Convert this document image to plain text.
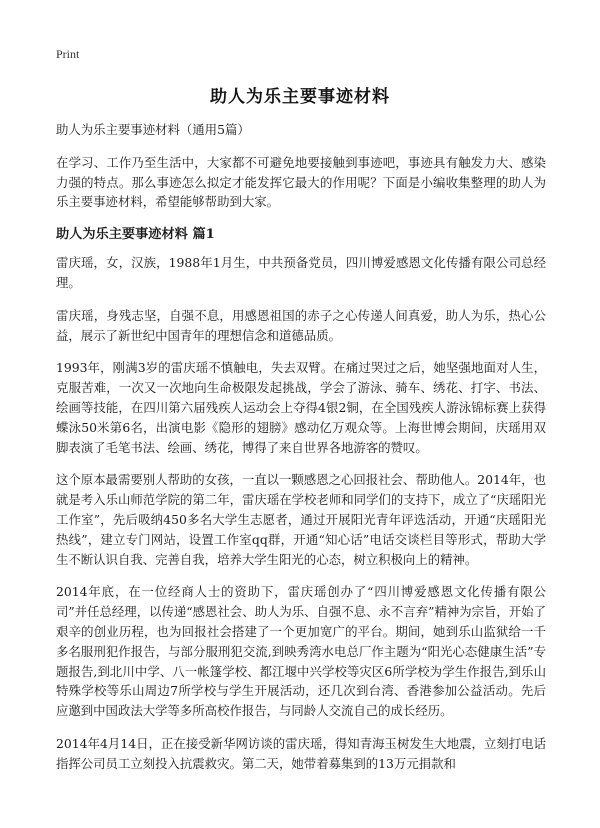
Print
助人为乐主要事迹材料

助人为乐主要事迹材料（通用5篇）

在学习、工作乃至生活中，大家都不可避免地要接触到事迹吧，事迹具有触发力大、感染力强的特点。那么事迹怎么拟定才能发挥它最大的作用呢？下面是小编收集整理的助人为乐主要事迹材料，希望能够帮助到大家。

助人为乐主要事迹材料 篇1

雷庆瑶，女，汉族，1988年1月生，中共预备党员，四川博爱感恩文化传播有限公司总经理。

雷庆瑶，身残志坚，自强不息，用感恩祖国的赤子之心传递人间真爱，助人为乐，热心公益，展示了新世纪中国青年的理想信念和道德品质。

1993年，刚满3岁的雷庆瑶不慎触电，失去双臂。在痛过哭过之后，她坚强地面对人生，克服苦难，一次又一次地向生命极限发起挑战，学会了游泳、骑车、绣花、打字、书法、绘画等技能，在四川第六届残疾人运动会上夺得4银2铜，在全国残疾人游泳锦标赛上获得蝶泳50米第6名，出演电影《隐形的翅膀》感动亿万观众等。上海世博会期间，庆瑶用双脚表演了毛笔书法、绘画、绣花，博得了来自世界各地游客的赞叹。

这个原本最需要别人帮助的女孩，一直以一颗感恩之心回报社会、帮助他人。2014年，也就是考入乐山师范学院的第二年，雷庆瑶在学校老师和同学们的支持下，成立了“庆瑶阳光工作室”，先后吸纳450多名大学生志愿者，通过开展阳光青年评选活动，开通“庆瑶阳光热线”，建立专门网站，设置工作室qq群，开通“知心话”电话交谈栏目等形式，帮助大学生不断认识自我、完善自我，培养大学生阳光的心态，树立积极向上的精神。

2014年底，在一位经商人士的资助下，雷庆瑶创办了“四川博爱感恩文化传播有限公司”并任总经理，以传递“感恩社会、助人为乐、自强不息、永不言弃”精神为宗旨，开始了艰辛的创业历程，也为回报社会搭建了一个更加宽广的平台。期间，她到乐山监狱给一千多名服刑犯作报告，与部分服刑犯交流,到映秀湾水电总厂作主题为“阳光心态健康生活”专题报告,到北川中学、八一帐篷学校、都江堰中兴学校等灾区6所学校为学生作报告,到乐山特殊学校等乐山周边7所学校与学生开展活动，还几次到台湾、香港参加公益活动。先后应邀到中国政法大学等多所高校作报告，与同龄人交流自己的成长经历。

2014年4月14日，正在接受新华网访谈的雷庆瑶，得知青海玉树发生大地震，立刻打电话指挥公司员工立刻投入抗震救灾。第二天，她带着募集到的13万元捐款和
